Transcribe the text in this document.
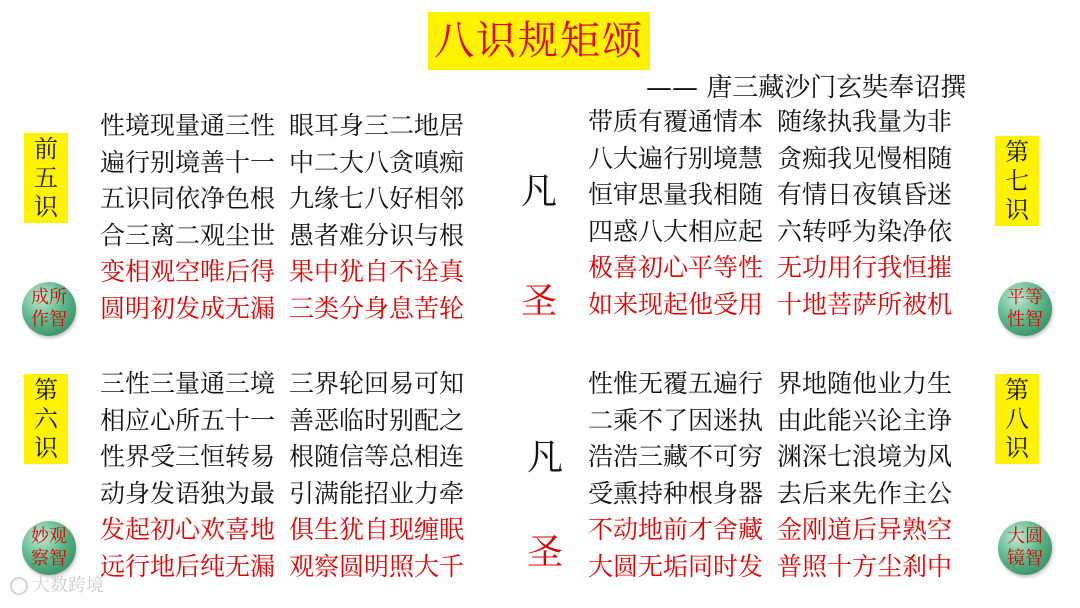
八识规矩颂
—— 唐三藏沙门玄奘奉诏撰
前五识
第六识
第七识
第八识
成所作智
妙观察智
平等性智
大圆镜智
凡
圣
凡
圣
性境现量通三性 眼耳身三二地居
遍行别境善十一 中二大八贪嗔痴
五识同依净色根 九缘七八好相邻
合三离二观尘世 愚者难分识与根
变相观空唯后得 果中犹自不诠真
圆明初发成无漏 三类分身息苦轮
带质有覆通情本 随缘执我量为非
八大遍行别境慧 贪痴我见慢相随
恒审思量我相随 有情日夜镇昏迷
四惑八大相应起 六转呼为染净依
极喜初心平等性 无功用行我恒摧
如来现起他受用 十地菩萨所被机
三性三量通三境 三界轮回易可知
相应心所五十一 善恶临时别配之
性界受三恒转易 根随信等总相连
动身发语独为最 引满能招业力牵
发起初心欢喜地 俱生犹自现缠眠
远行地后纯无漏 观察圆明照大千
性惟无覆五遍行 界地随他业力生
二乘不了因迷执 由此能兴论主诤
浩浩三藏不可穷 渊深七浪境为风
受熏持种根身器 去后来先作主公
不动地前才舍藏 金刚道后异熟空
大圆无垢同时发 普照十方尘刹中
大数跨境
